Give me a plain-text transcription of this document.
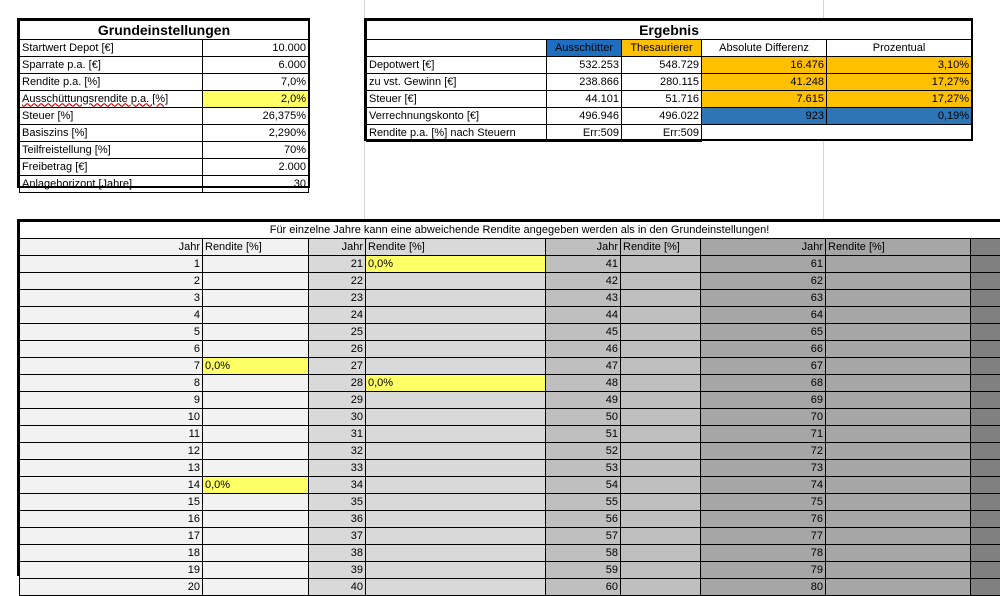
Grundeinstellungen	
Startwert Depot [€]	10.000
Sparrate p.a. [€]	6.000
Rendite p.a. [%]	7,0%
Ausschüttungsrendite p.a. [%]	2,0%
Steuer [%]	26,375%
Basiszins [%]	2,290%
Teilfreistellung [%]	70%
Freibetrag [€]	2.000
Anlagehorizont [Jahre]	30
Ergebnis				
	Ausschütter	Thesaurierer	Absolute Differenz	Prozentual
Depotwert [€]	532.253	548.729	16.476	3,10%
zu vst. Gewinn [€]	238.866	280.115	41.248	17,27%
Steuer [€]	44.101	51.716	7.615	17,27%
Verrechnungskonto [€]	496.946	496.022	923	0,19%
Rendite p.a. [%] nach Steuern	Err:509	Err:509		
Für einzelne Jahre kann eine abweichende Rendite angegeben werden als in den Grundeinstellungen!								
Jahr	Rendite [%]	Jahr	Rendite [%]	Jahr	Rendite [%]	Jahr	Rendite [%]	
1		21	0,0%	41		61		
2		22		42		62		
3		23		43		63		
4		24		44		64		
5		25		45		65		
6		26		46		66		
7	0,0%	27		47		67		
8		28	0,0%	48		68		
9		29		49		69		
10		30		50		70		
11		31		51		71		
12		32		52		72		
13		33		53		73		
14	0,0%	34		54		74		
15		35		55		75		
16		36		56		76		
17		37		57		77		
18		38		58		78		
19		39		59		79		
20		40		60		80		
